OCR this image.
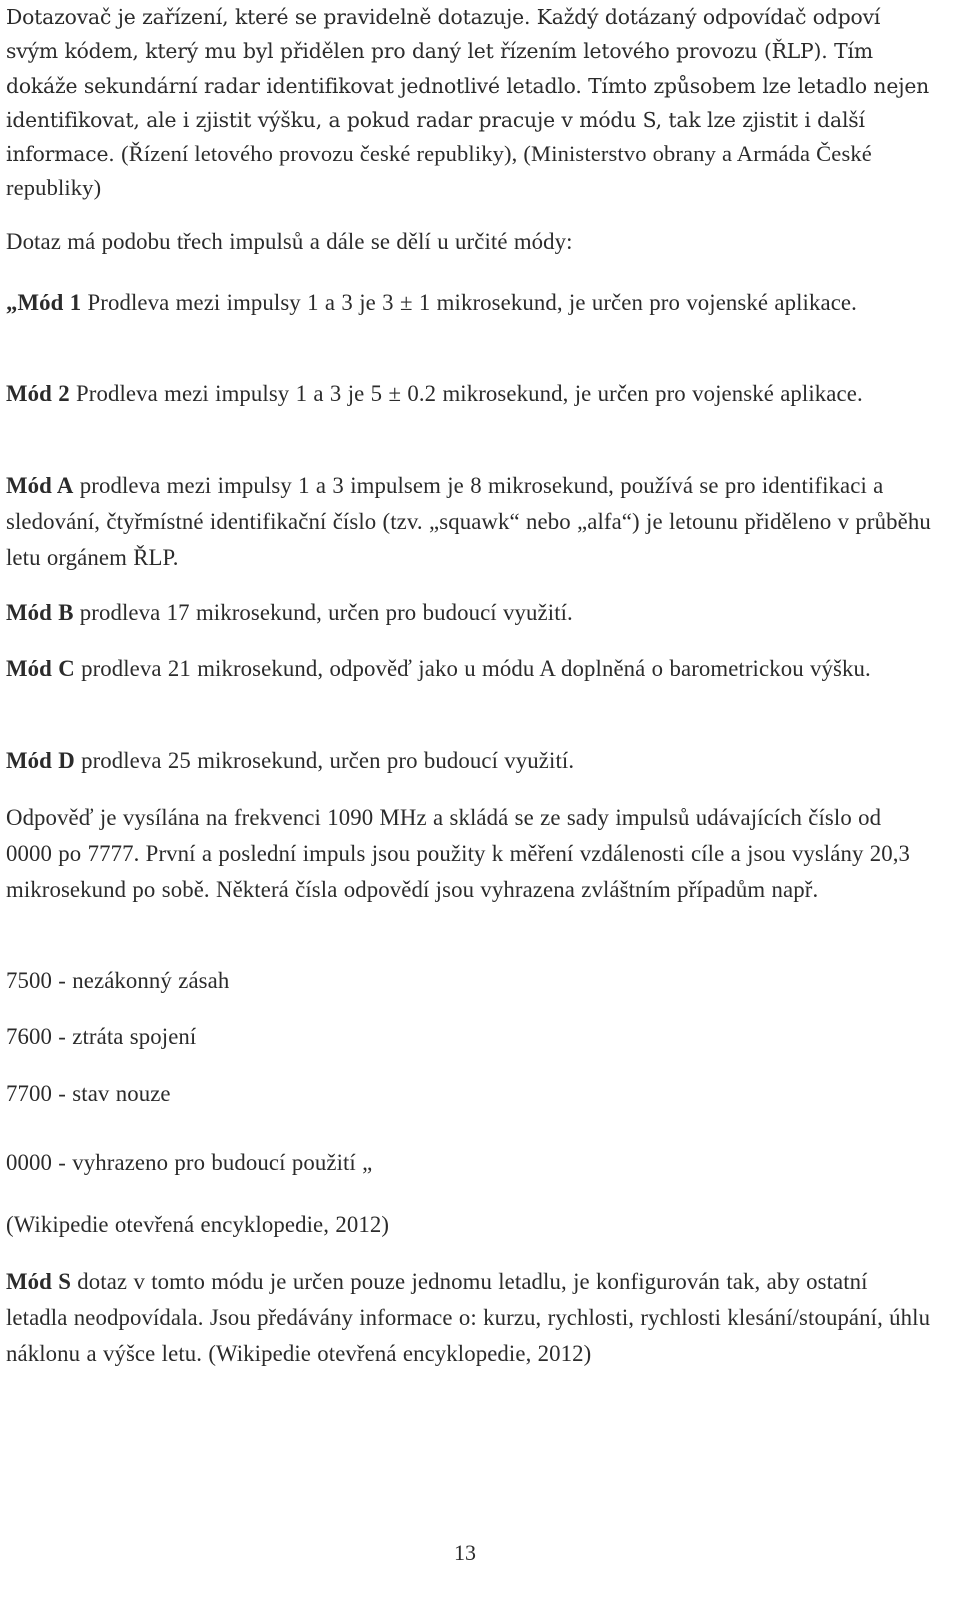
Dotazovač je zařízení, které se pravidelně dotazuje. Každý dotázaný odpovídač odpoví svým kódem, který mu byl přidělen pro daný let řízením letového provozu (ŘLP). Tím dokáže sekundární radar identifikovat jednotlivé letadlo. Tímto způsobem lze letadlo nejen identifikovat, ale i zjistit výšku, a pokud radar pracuje v módu S, tak lze zjistit i další informace. (Řízení letového provozu české republiky), (Ministerstvo obrany a Armáda České republiky)

Dotaz má podobu třech impulsů a dále se dělí u určité módy:

„Mód 1 Prodleva mezi impulsy 1 a 3 je 3 ± 1 mikrosekund, je určen pro vojenské aplikace.

Mód 2 Prodleva mezi impulsy 1 a 3 je 5 ± 0.2 mikrosekund, je určen pro vojenské aplikace.

Mód A prodleva mezi impulsy 1 a 3 impulsem je 8 mikrosekund, používá se pro identifikaci a sledování, čtyřmístné identifikační číslo (tzv. „squawk“ nebo „alfa“) je letounu přiděleno v průběhu letu orgánem ŘLP.

Mód B prodleva 17 mikrosekund, určen pro budoucí využití.

Mód C prodleva 21 mikrosekund, odpověď jako u módu A doplněná o barometrickou výšku.

Mód D prodleva 25 mikrosekund, určen pro budoucí využití.

Odpověď je vysílána na frekvenci 1090 MHz a skládá se ze sady impulsů udávajících číslo od 0000 po 7777. První a poslední impuls jsou použity k měření vzdálenosti cíle a jsou vyslány 20,3 mikrosekund po sobě. Některá čísla odpovědí jsou vyhrazena zvláštním případům např.

7500 - nezákonný zásah

7600 - ztráta spojení

7700 - stav nouze

0000 - vyhrazeno pro budoucí použití „

(Wikipedie otevřená encyklopedie, 2012)

Mód S dotaz v tomto módu je určen pouze jednomu letadlu, je konfigurován tak, aby ostatní letadla neodpovídala. Jsou předávány informace o: kurzu, rychlosti, rychlosti klesání/stoupání, úhlu náklonu a výšce letu. (Wikipedie otevřená encyklopedie, 2012)

13
